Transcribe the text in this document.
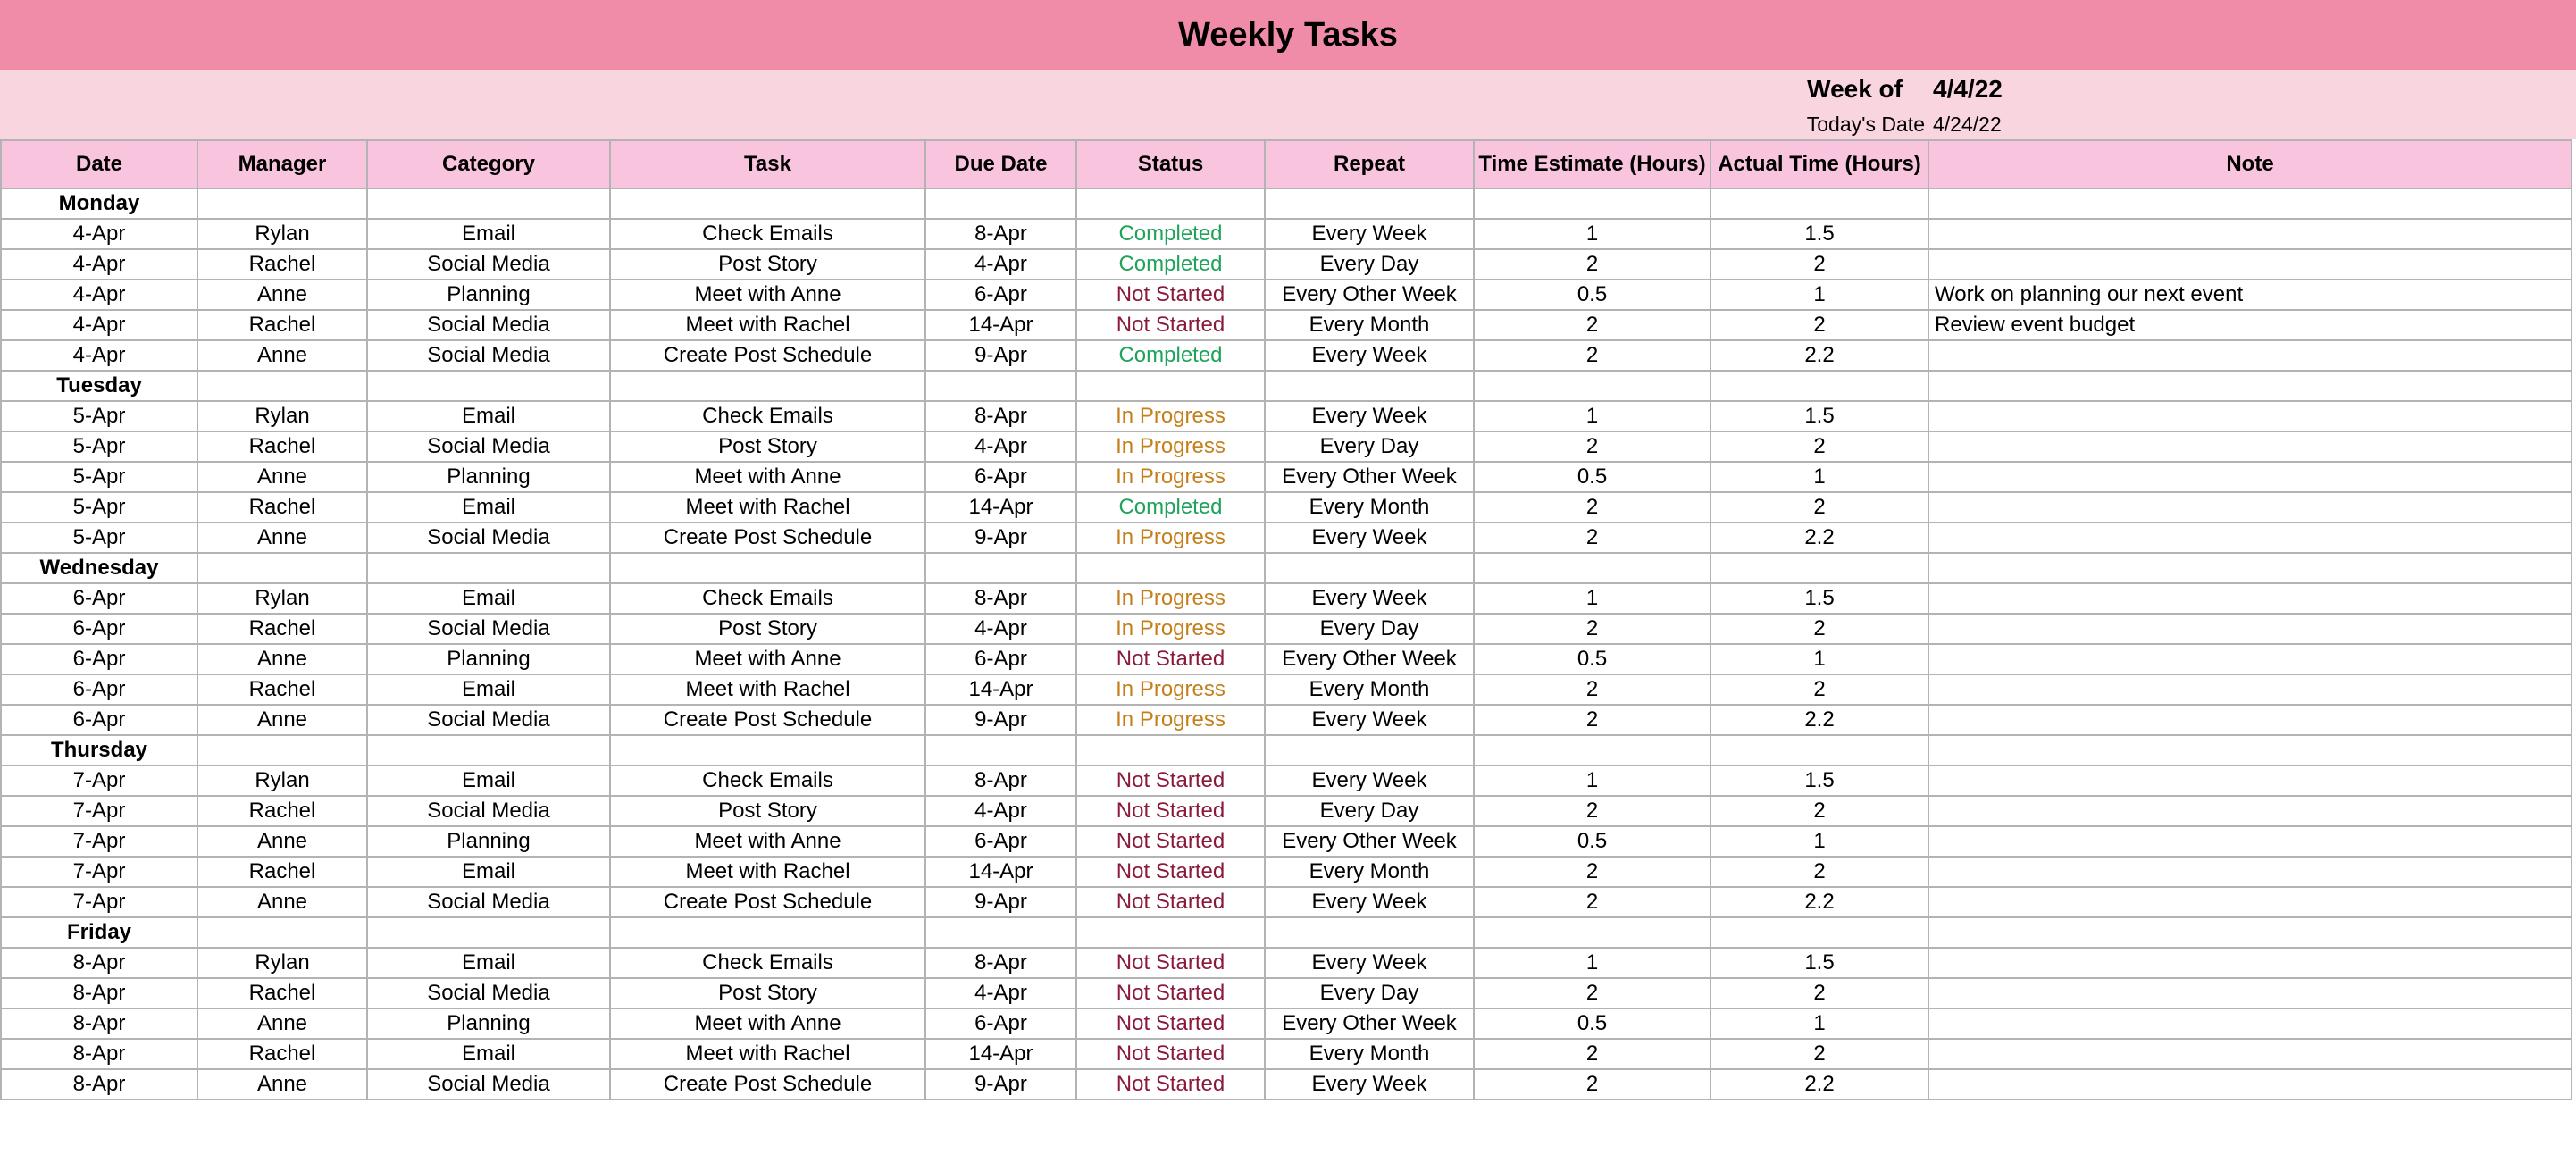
Weekly Tasks
Week of 4/4/22
Today's Date 4/24/22
Date	Manager	Category	Task	Due Date	Status	Repeat	Time Estimate (Hours)	Actual Time (Hours)	Note
Monday									
4-Apr	Rylan	Email	Check Emails	8-Apr	Completed	Every Week	1	1.5	
4-Apr	Rachel	Social Media	Post Story	4-Apr	Completed	Every Day	2	2	
4-Apr	Anne	Planning	Meet with Anne	6-Apr	Not Started	Every Other Week	0.5	1	Work on planning our next event
4-Apr	Rachel	Social Media	Meet with Rachel	14-Apr	Not Started	Every Month	2	2	Review event budget
4-Apr	Anne	Social Media	Create Post Schedule	9-Apr	Completed	Every Week	2	2.2	
Tuesday									
5-Apr	Rylan	Email	Check Emails	8-Apr	In Progress	Every Week	1	1.5	
5-Apr	Rachel	Social Media	Post Story	4-Apr	In Progress	Every Day	2	2	
5-Apr	Anne	Planning	Meet with Anne	6-Apr	In Progress	Every Other Week	0.5	1	
5-Apr	Rachel	Email	Meet with Rachel	14-Apr	Completed	Every Month	2	2	
5-Apr	Anne	Social Media	Create Post Schedule	9-Apr	In Progress	Every Week	2	2.2	
Wednesday									
6-Apr	Rylan	Email	Check Emails	8-Apr	In Progress	Every Week	1	1.5	
6-Apr	Rachel	Social Media	Post Story	4-Apr	In Progress	Every Day	2	2	
6-Apr	Anne	Planning	Meet with Anne	6-Apr	Not Started	Every Other Week	0.5	1	
6-Apr	Rachel	Email	Meet with Rachel	14-Apr	In Progress	Every Month	2	2	
6-Apr	Anne	Social Media	Create Post Schedule	9-Apr	In Progress	Every Week	2	2.2	
Thursday									
7-Apr	Rylan	Email	Check Emails	8-Apr	Not Started	Every Week	1	1.5	
7-Apr	Rachel	Social Media	Post Story	4-Apr	Not Started	Every Day	2	2	
7-Apr	Anne	Planning	Meet with Anne	6-Apr	Not Started	Every Other Week	0.5	1	
7-Apr	Rachel	Email	Meet with Rachel	14-Apr	Not Started	Every Month	2	2	
7-Apr	Anne	Social Media	Create Post Schedule	9-Apr	Not Started	Every Week	2	2.2	
Friday									
8-Apr	Rylan	Email	Check Emails	8-Apr	Not Started	Every Week	1	1.5	
8-Apr	Rachel	Social Media	Post Story	4-Apr	Not Started	Every Day	2	2	
8-Apr	Anne	Planning	Meet with Anne	6-Apr	Not Started	Every Other Week	0.5	1	
8-Apr	Rachel	Email	Meet with Rachel	14-Apr	Not Started	Every Month	2	2	
8-Apr	Anne	Social Media	Create Post Schedule	9-Apr	Not Started	Every Week	2	2.2	
